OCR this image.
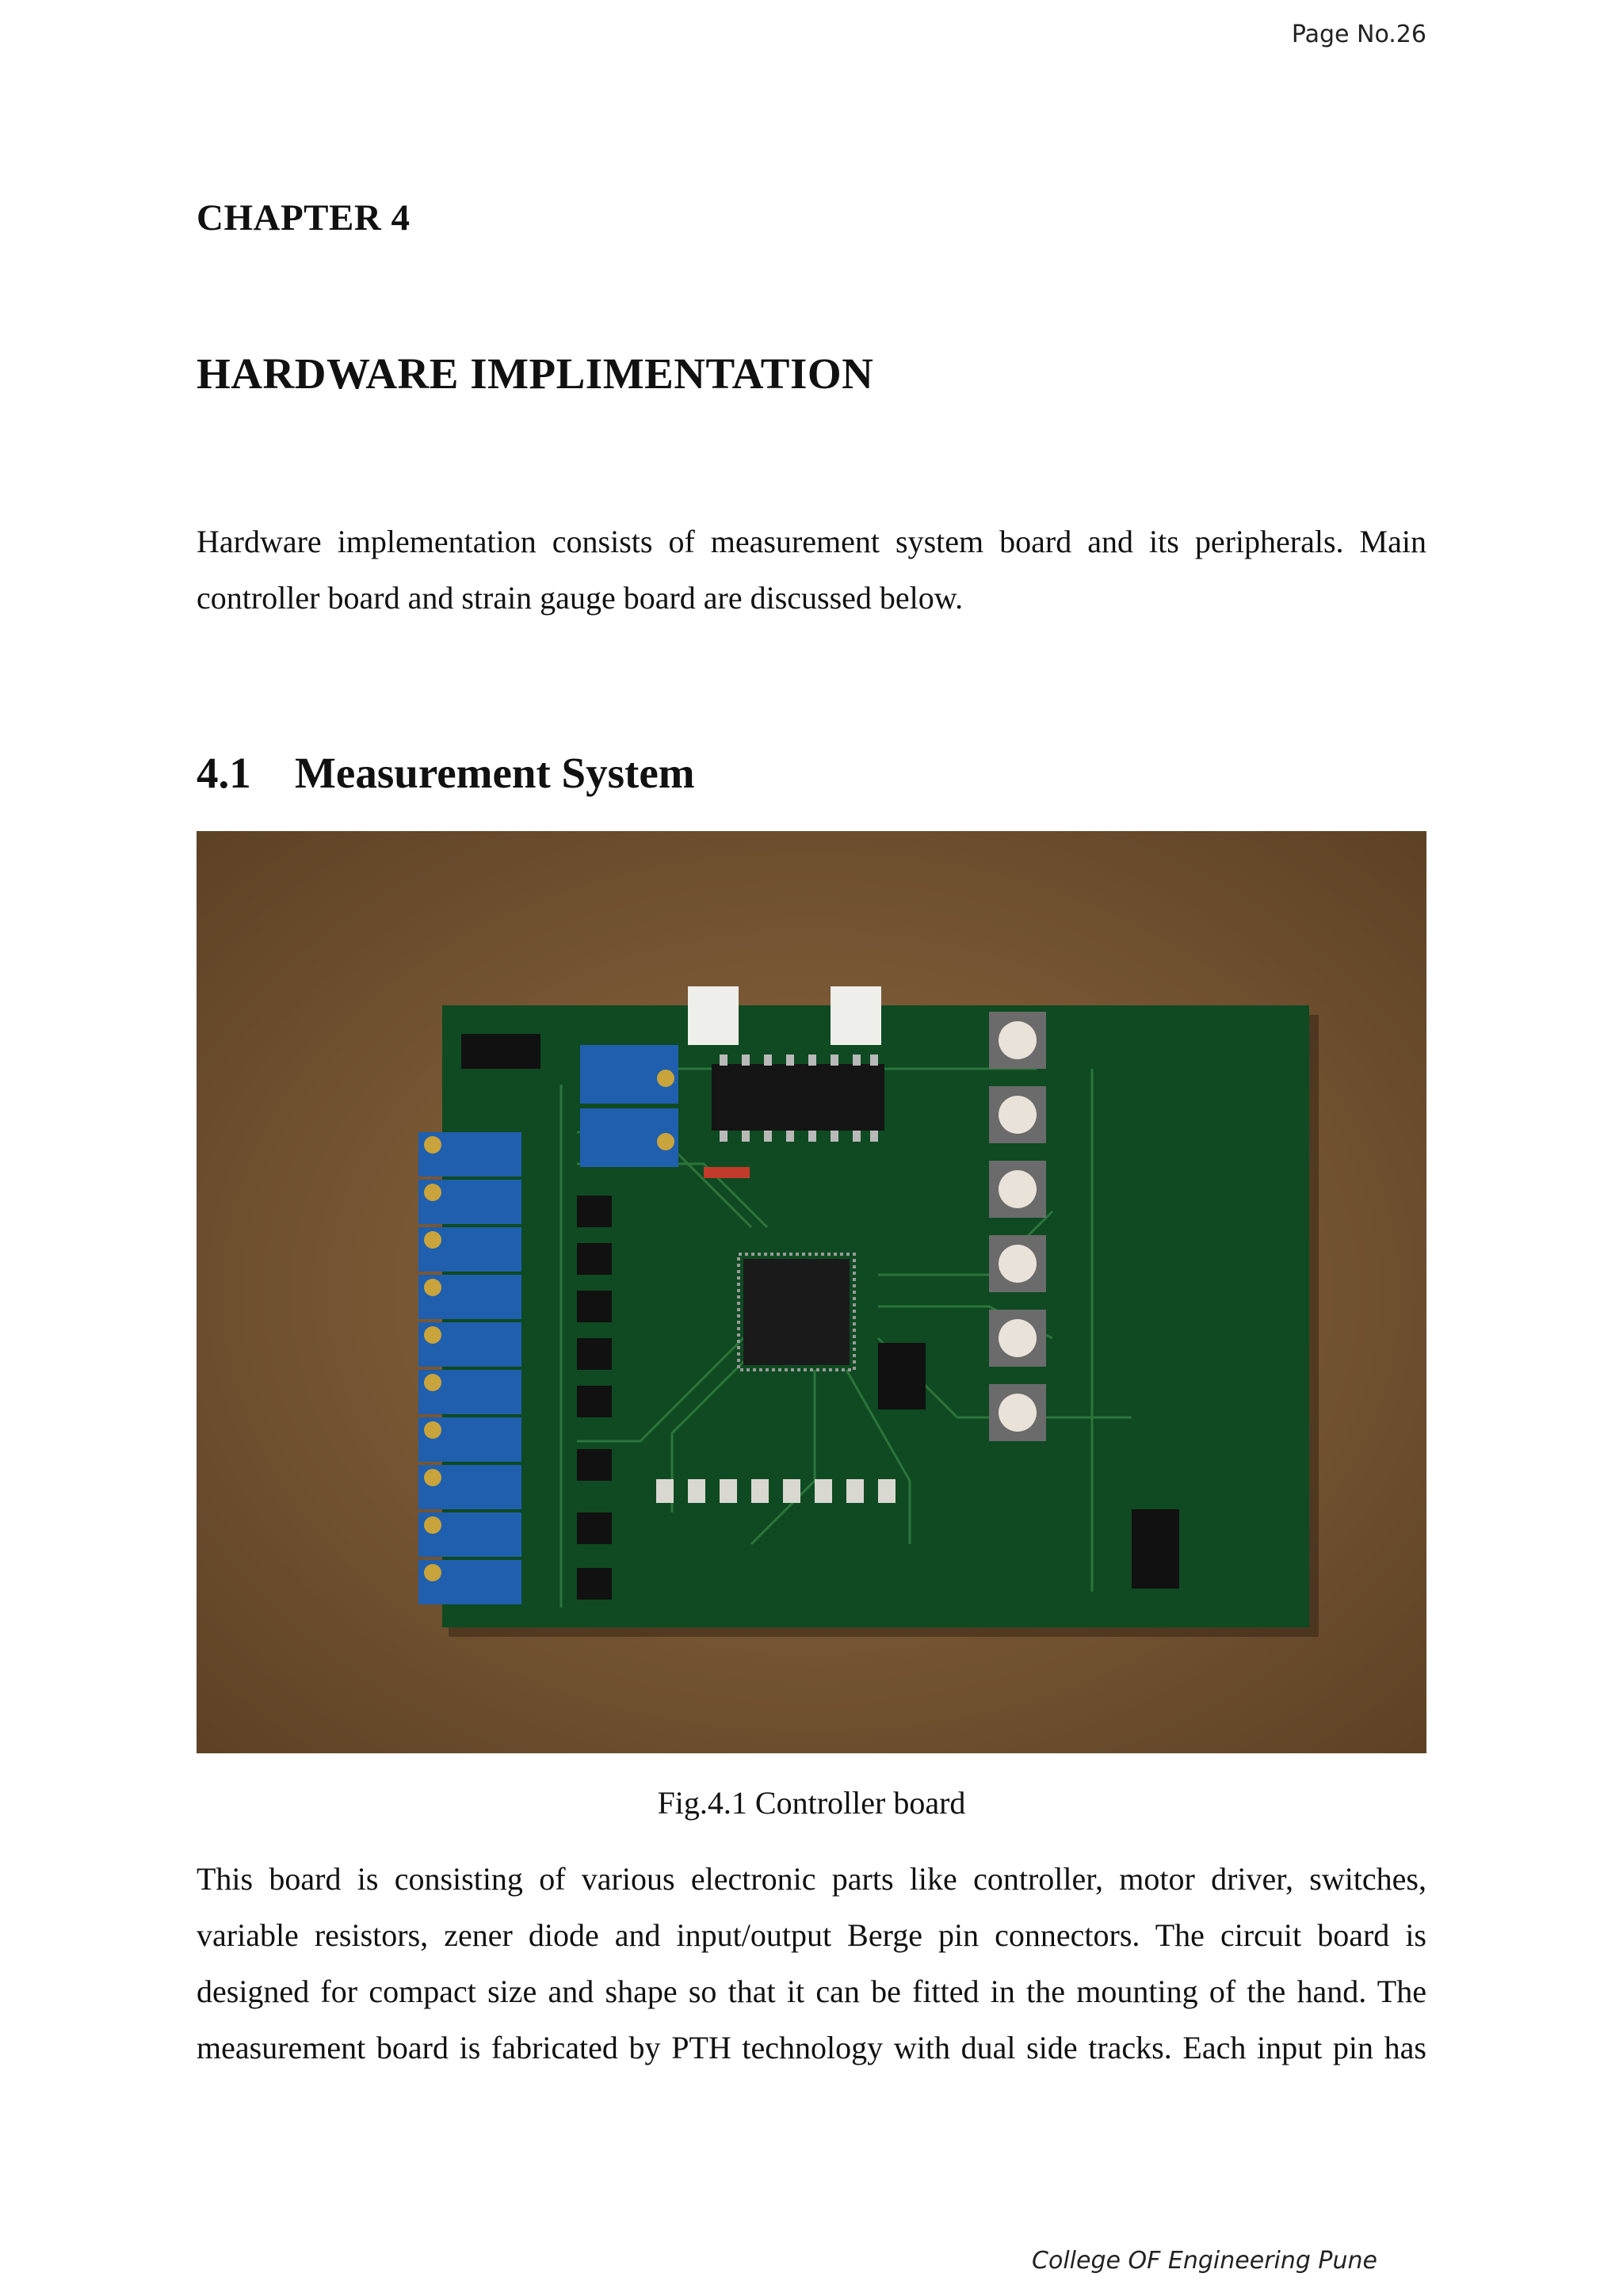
Page No.26
CHAPTER 4
HARDWARE IMPLIMENTATION
Hardware implementation consists of measurement system board and its peripherals. Main
controller board and strain gauge board are discussed below.
4.1 Measurement System
Fig.4.1 Controller board
This board is consisting of various electronic parts like controller, motor driver, switches,
variable resistors, zener diode and input/output Berge pin connectors. The circuit board is
designed for compact size and shape so that it can be fitted in the mounting of the hand. The
measurement board is fabricated by PTH technology with dual side tracks. Each input pin has
College OF Engineering Pune
